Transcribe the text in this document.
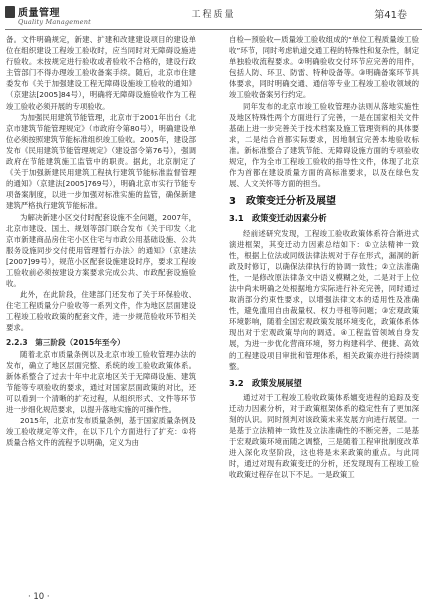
质量管理
Quality Management
工程质量	第41卷

备。文件明确规定，新建、扩建和改建建设项目的建设单位在组织建设工程竣工验收时，应当同时对无障碍设施进行验收。未按规定进行验收或者验收不合格的，建设行政主管部门不得办理竣工验收备案手续。随后，北京市住建委发布《关于加强建设工程无障碍设施竣工验收的通知》（京建法[2005]84号），明确将无障碍设施验收作为工程竣工验收必须开展的专项验收。

为加强民用建筑节能管理，北京市于2001年出台《北京市建筑节能管理规定》（市政府令第80号），明确建设单位必须按照建筑节能标准组织竣工验收。2005年，建设部发布《民用建筑节能管理规定》（建设部令第76号），强调政府在节能建筑施工监管中的职责。据此，北京制定了《关于加强新建民用建筑工程执行建筑节能标准监督管理的通知》（京建法[2005]769号），明确北京市实行节能专项备案制度，以进一步加强对标准实施的监管，确保新建建筑严格执行建筑节能标准。

为解决新建小区交付时配套设施不全问题，2007年，北京市建设、国土、规划等部门联合发布《关于印发〈北京市新建商品房住宅小区住宅与市政公用基础设施、公共服务设施同步交付使用管理暂行办法〉的通知》（京建法[2007]99号），规范小区配套设施建设时序，要求工程竣工验收前必须按建设方案要求完成公共、市政配套设施验收。

此外，在此阶段，住建部门还发布了关于环保验收、住宅工程质量分户验收等一系列文件，作为地区层面建设工程竣工验收政策的配套文件，进一步规范验收环节相关要求。

2.2.3　第三阶段（2015年至今）

随着北京市质量条例以及北京市竣工验收管理办法的发布，确立了地区层面完整、系统的竣工验收政策体系。新体系整合了过去十年中北京地区关于无障碍设施、建筑节能等专项验收的要求，通过对国家层面政策的对比，还可以看到一个清晰的扩充过程，从组织形式、文件等环节进一步细化规范要求，以提升落地实施的可操作性。

2015年，北京市发布质量条例，基于国家质量条例及竣工验收规定等文件，在以下几个方面进行了扩充：①将质量合格文件的流程予以明确，定义为由

自检—预验收—质量竣工验收组成的“单位工程质量竣工验收”环节，同时考虑轨道交通工程的特殊性和复杂性，制定单独验收流程要求。②明确验收交付环节应完善的用件，包括人防、环卫、防雷、特种设备等。③明确备案环节具体要求，同时明确交通、通信等专业工程竣工验收领域的竣工验收备案另行约定。

同年发布的北京市竣工验收管理办法则从落地实施性及地区特殊性两个方面进行了完善，一是在国家相关文件基础上进一步完善关于技术档案及施工管理资料的具体要求，二是结合首都实际要求，因地制宜完善本地验收标准。新标准整合了建筑节能、无障碍设施方面的专项验收规定，作为全市工程竣工验收的指导性文件，体现了北京作为首都在建设质量方面的高标准要求，以及在绿色发展、人文关怀等方面的担当。

3　政策变迁分析及展望
3.1　政策变迁动因素分析

经前述研究发现，工程竣工验收政策体系符合渐进式演进框架，其变迁动力因素总结如下：①立法精神一致性，根据上位法或同级法律法规对于存在形式，漏洞的新政及时修订，以确保法律执行的协调一致性；②立法准确性，一是修改原法律条文中语义模糊之处，二是对于上位法中尚未明确之处根据地方实际进行补充完善，同时通过取消部分约束性要求，以增强法律文本的适用性及准确性，避免滥用自由裁量权、权力寻租等问题；③宏观政策环境影响，随着全国宏观政策发展环境变化，政策体系体现出对于宏观政策导向的调适。④工程监管领域自身发展，为进一步优化营商环境，努力构建科学、便捷、高效的工程建设项目审批和管理体系，相关政策亦进行持续调整。

3.2　政策发展展望

通过对于工程竣工验收政策体系嬗变进程的追踪及变迁动力因素分析，对于政策框架体系的稳定性有了更加深刻的认识。同时预判对该政策未来发展方向进行展望。一是基于立法精神一致性及立法准确性的不断完善，二是基于宏观政策环境而随之调整，三是随着工程审批制度改革进入深化攻坚阶段，这也将是未来政策的重点。与此同时，通过对现有政策变迁的分析，还发现现有工程竣工验收政策过程存在以下不足。一是政策工

· 10 ·
